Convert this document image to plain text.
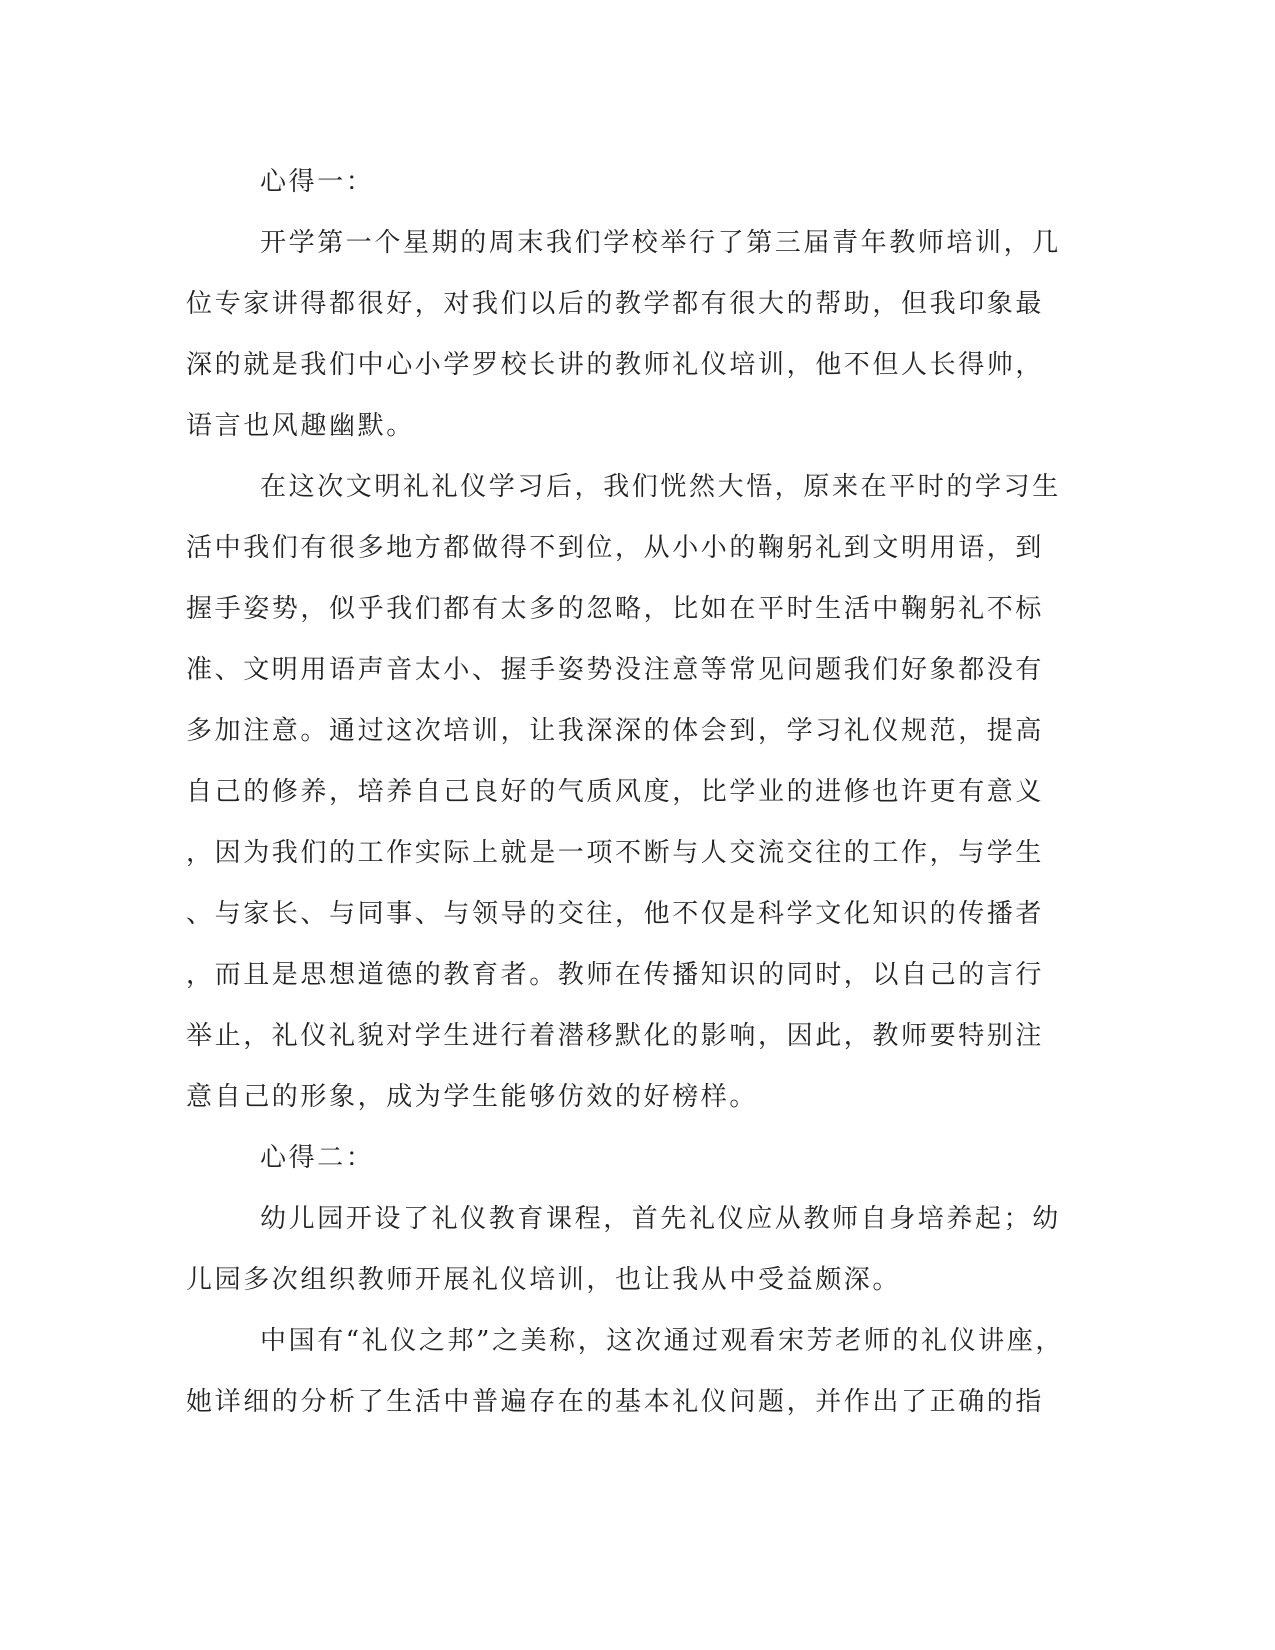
心得一：
开学第一个星期的周末我们学校举行了第三届青年教师培训，几
位专家讲得都很好，对我们以后的教学都有很大的帮助，但我印象最
深的就是我们中心小学罗校长讲的教师礼仪培训，他不但人长得帅，
语言也风趣幽默。
在这次文明礼礼仪学习后，我们恍然大悟，原来在平时的学习生
活中我们有很多地方都做得不到位，从小小的鞠躬礼到文明用语，到
握手姿势，似乎我们都有太多的忽略，比如在平时生活中鞠躬礼不标
准、文明用语声音太小、握手姿势没注意等常见问题我们好象都没有
多加注意。通过这次培训，让我深深的体会到，学习礼仪规范，提高
自己的修养，培养自己良好的气质风度，比学业的进修也许更有意义
，因为我们的工作实际上就是一项不断与人交流交往的工作，与学生
、与家长、与同事、与领导的交往，他不仅是科学文化知识的传播者
，而且是思想道德的教育者。教师在传播知识的同时，以自己的言行
举止，礼仪礼貌对学生进行着潜移默化的影响，因此，教师要特别注
意自己的形象，成为学生能够仿效的好榜样。
心得二：
幼儿园开设了礼仪教育课程，首先礼仪应从教师自身培养起；幼
儿园多次组织教师开展礼仪培训，也让我从中受益颇深。
中国有“礼仪之邦”之美称，这次通过观看宋芳老师的礼仪讲座，
她详细的分析了生活中普遍存在的基本礼仪问题，并作出了正确的指
